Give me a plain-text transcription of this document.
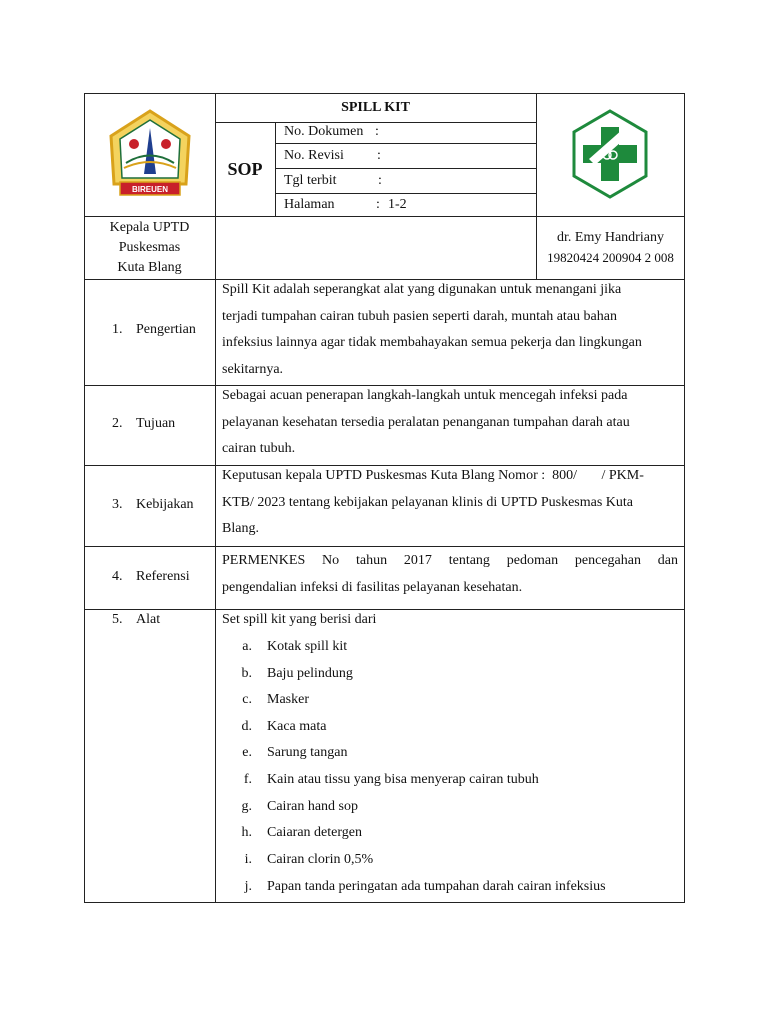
BIREUEN
SPILL KIT
SOP
No. Dokumen :
No. Revisi :
Tgl terbit	:
Halaman	: 1-2
Kepala UPTD
Puskesmas
Kuta Blang
dr. Emy Handriany
19820424 200904 2 008
1. Pengertian
Spill Kit adalah seperangkat alat yang digunakan untuk menangani jika
terjadi tumpahan cairan tubuh pasien seperti darah, muntah atau bahan
infeksius lainnya agar tidak membahayakan semua pekerja dan lingkungan
sekitarnya.
2. Tujuan
Sebagai acuan penerapan langkah-langkah untuk mencegah infeksi pada
pelayanan kesehatan tersedia peralatan penanganan tumpahan darah atau
cairan tubuh.
3. Kebijakan
Keputusan kepala UPTD Puskesmas Kuta Blang Nomor :  800/       / PKM-
KTB/ 2023 tentang kebijakan pelayanan klinis di UPTD Puskesmas Kuta
Blang.
4. Referensi
PERMENKES No tahun 2017 tentang pedoman pencegahan dan
pengendalian infeksi di fasilitas pelayanan kesehatan.
5. Alat	Set spill kit yang berisi dari
a. Kotak spill kit
b. Baju pelindung
c. Masker
d. Kaca mata
e. Sarung tangan
f. Kain atau tissu yang bisa menyerap cairan tubuh
g. Cairan hand sop
h. Caiaran detergen
i. Cairan clorin 0,5%
j. Papan tanda peringatan ada tumpahan darah cairan infeksius
